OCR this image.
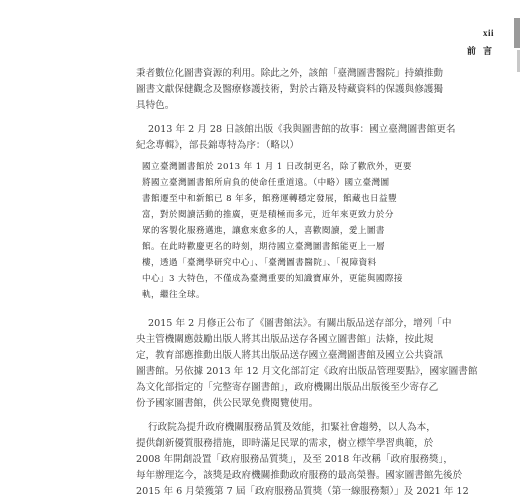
xii
前 言
秉者數位化圖書資源的利用。除此之外，該館「臺灣圖書醫院」持續推動
圖書文獻保健觀念及醫療修護技術，對於古籍及特藏資料的保護與修護獨
具特色。
2013 年 2 月 28 日該館出版《我與圖書館的故事：國立臺灣圖書館更名
紀念專輯》，部長錦專特為序：（略以）
國立臺灣圖書館於 2013 年 1 月 1 日改制更名，除了歡欣外，更要
將國立臺灣圖書館所肩負的使命任重道遠。（中略）國立臺灣圖
書館遷至中和新館已 8 年多，館務運轉穩定發展，館藏也日益豐
富，對於閱讀活動的推廣，更是積極而多元，近年來更致力於分
眾的客製化服務邁進，讓愈來愈多的人，喜歡閱讀，愛上圖書
館。在此時歡慶更名的時刻，期待國立臺灣圖書館能更上一層
樓，透過「臺灣學研究中心」、「臺灣圖書醫院」、「視障資料
中心」3 大特色，不僅成為臺灣重要的知識寶庫外，更能與國際接
軌，繼往全球。
2015 年 2 月修正公布了《圖書館法》。有關出版品送存部分，增列「中
央主管機關應鼓勵出版人將其出版品送存各國立圖書館」法條，按此規
定，教育部應推動出版人將其出版品送存國立臺灣圖書館及國立公共資訊
圖書館。另依據 2013 年 12 月文化部訂定《政府出版品管理要點》，國家圖書館
為文化部指定的「完整寄存圖書館」，政府機關出版品出版後至少寄存乙
份予國家圖書館，供公民眾免費閱覽使用。
行政院為提升政府機關服務品質及效能，扣緊社會趨勢，以人為本，
提供創新優質服務措施，即時滿足民眾的需求，樹立標竿學習典範，於
2008 年開創設置「政府服務品質獎」，及至 2018 年改稱「政府服務獎」，
每年辦理迄今，該獎是政府機關推動政府服務的最高榮譽。國家圖書館先後於
2015 年 6 月榮獲第 7 屆「政府服務品質獎（第一線服務類）」及 2021 年 12
